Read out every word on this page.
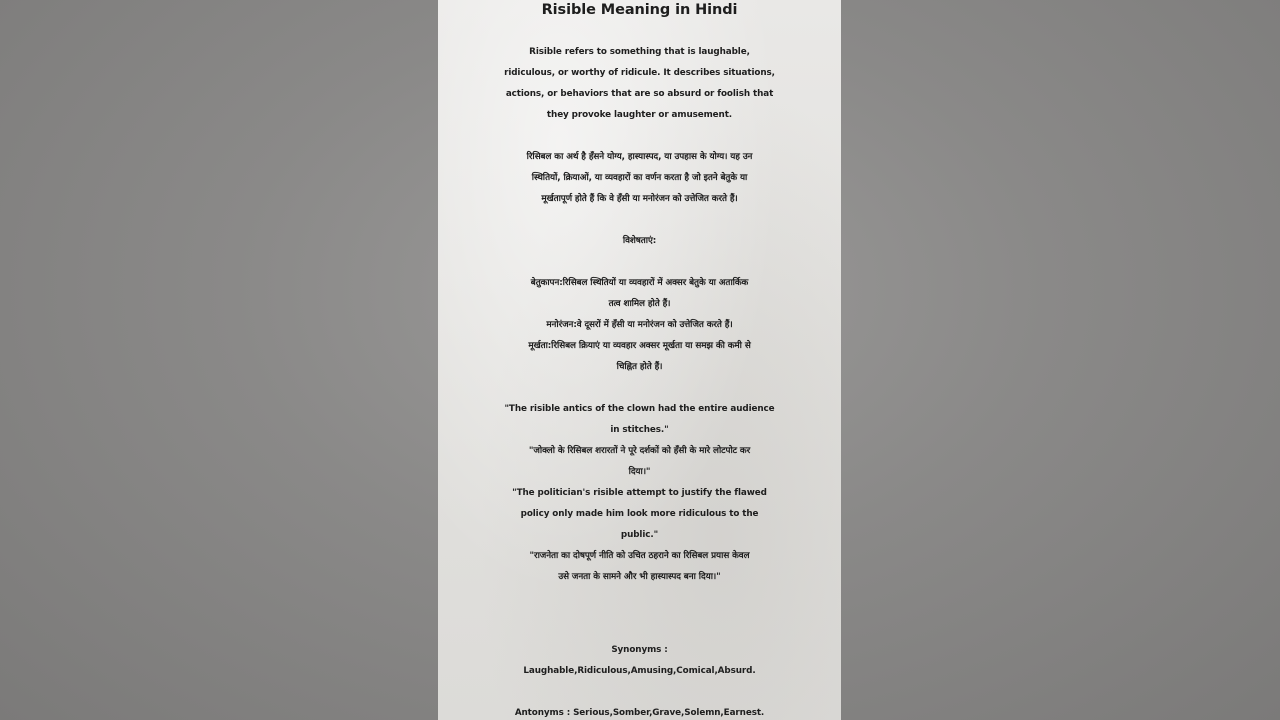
Risible Meaning in Hindi
Risible refers to something that is laughable,
ridiculous, or worthy of ridicule. It describes situations,
actions, or behaviors that are so absurd or foolish that
they provoke laughter or amusement.
रिसिबल का अर्थ है हँसने योग्य, हास्यास्पद, या उपहास के योग्य। यह उन
स्थितियों, क्रियाओं, या व्यवहारों का वर्णन करता है जो इतने बेतुके या
मूर्खतापूर्ण होते हैं कि वे हँसी या मनोरंजन को उत्तेजित करते हैं।
विशेषताएं:
बेतुकापन:रिसिबल स्थितियों या व्यवहारों में अक्सर बेतुके या अतार्किक
तत्व शामिल होते हैं।
मनोरंजन:वे दूसरों में हँसी या मनोरंजन को उत्तेजित करते हैं।
मूर्खता:रिसिबल क्रियाएं या व्यवहार अक्सर मूर्खता या समझ की कमी से
चिह्नित होते हैं।
"The risible antics of the clown had the entire audience
in stitches."
"जोक्लो के रिसिबल शरारतों ने पूरे दर्शकों को हँसी के मारे लोटपोट कर
दिया।"
"The politician's risible attempt to justify the flawed
policy only made him look more ridiculous to the
public."
"राजनेता का दोषपूर्ण नीति को उचित ठहराने का रिसिबल प्रयास केवल
उसे जनता के सामने और भी हास्यास्पद बना दिया।"
Synonyms :
Laughable,Ridiculous,Amusing,Comical,Absurd.
Antonyms : Serious,Somber,Grave,Solemn,Earnest.
